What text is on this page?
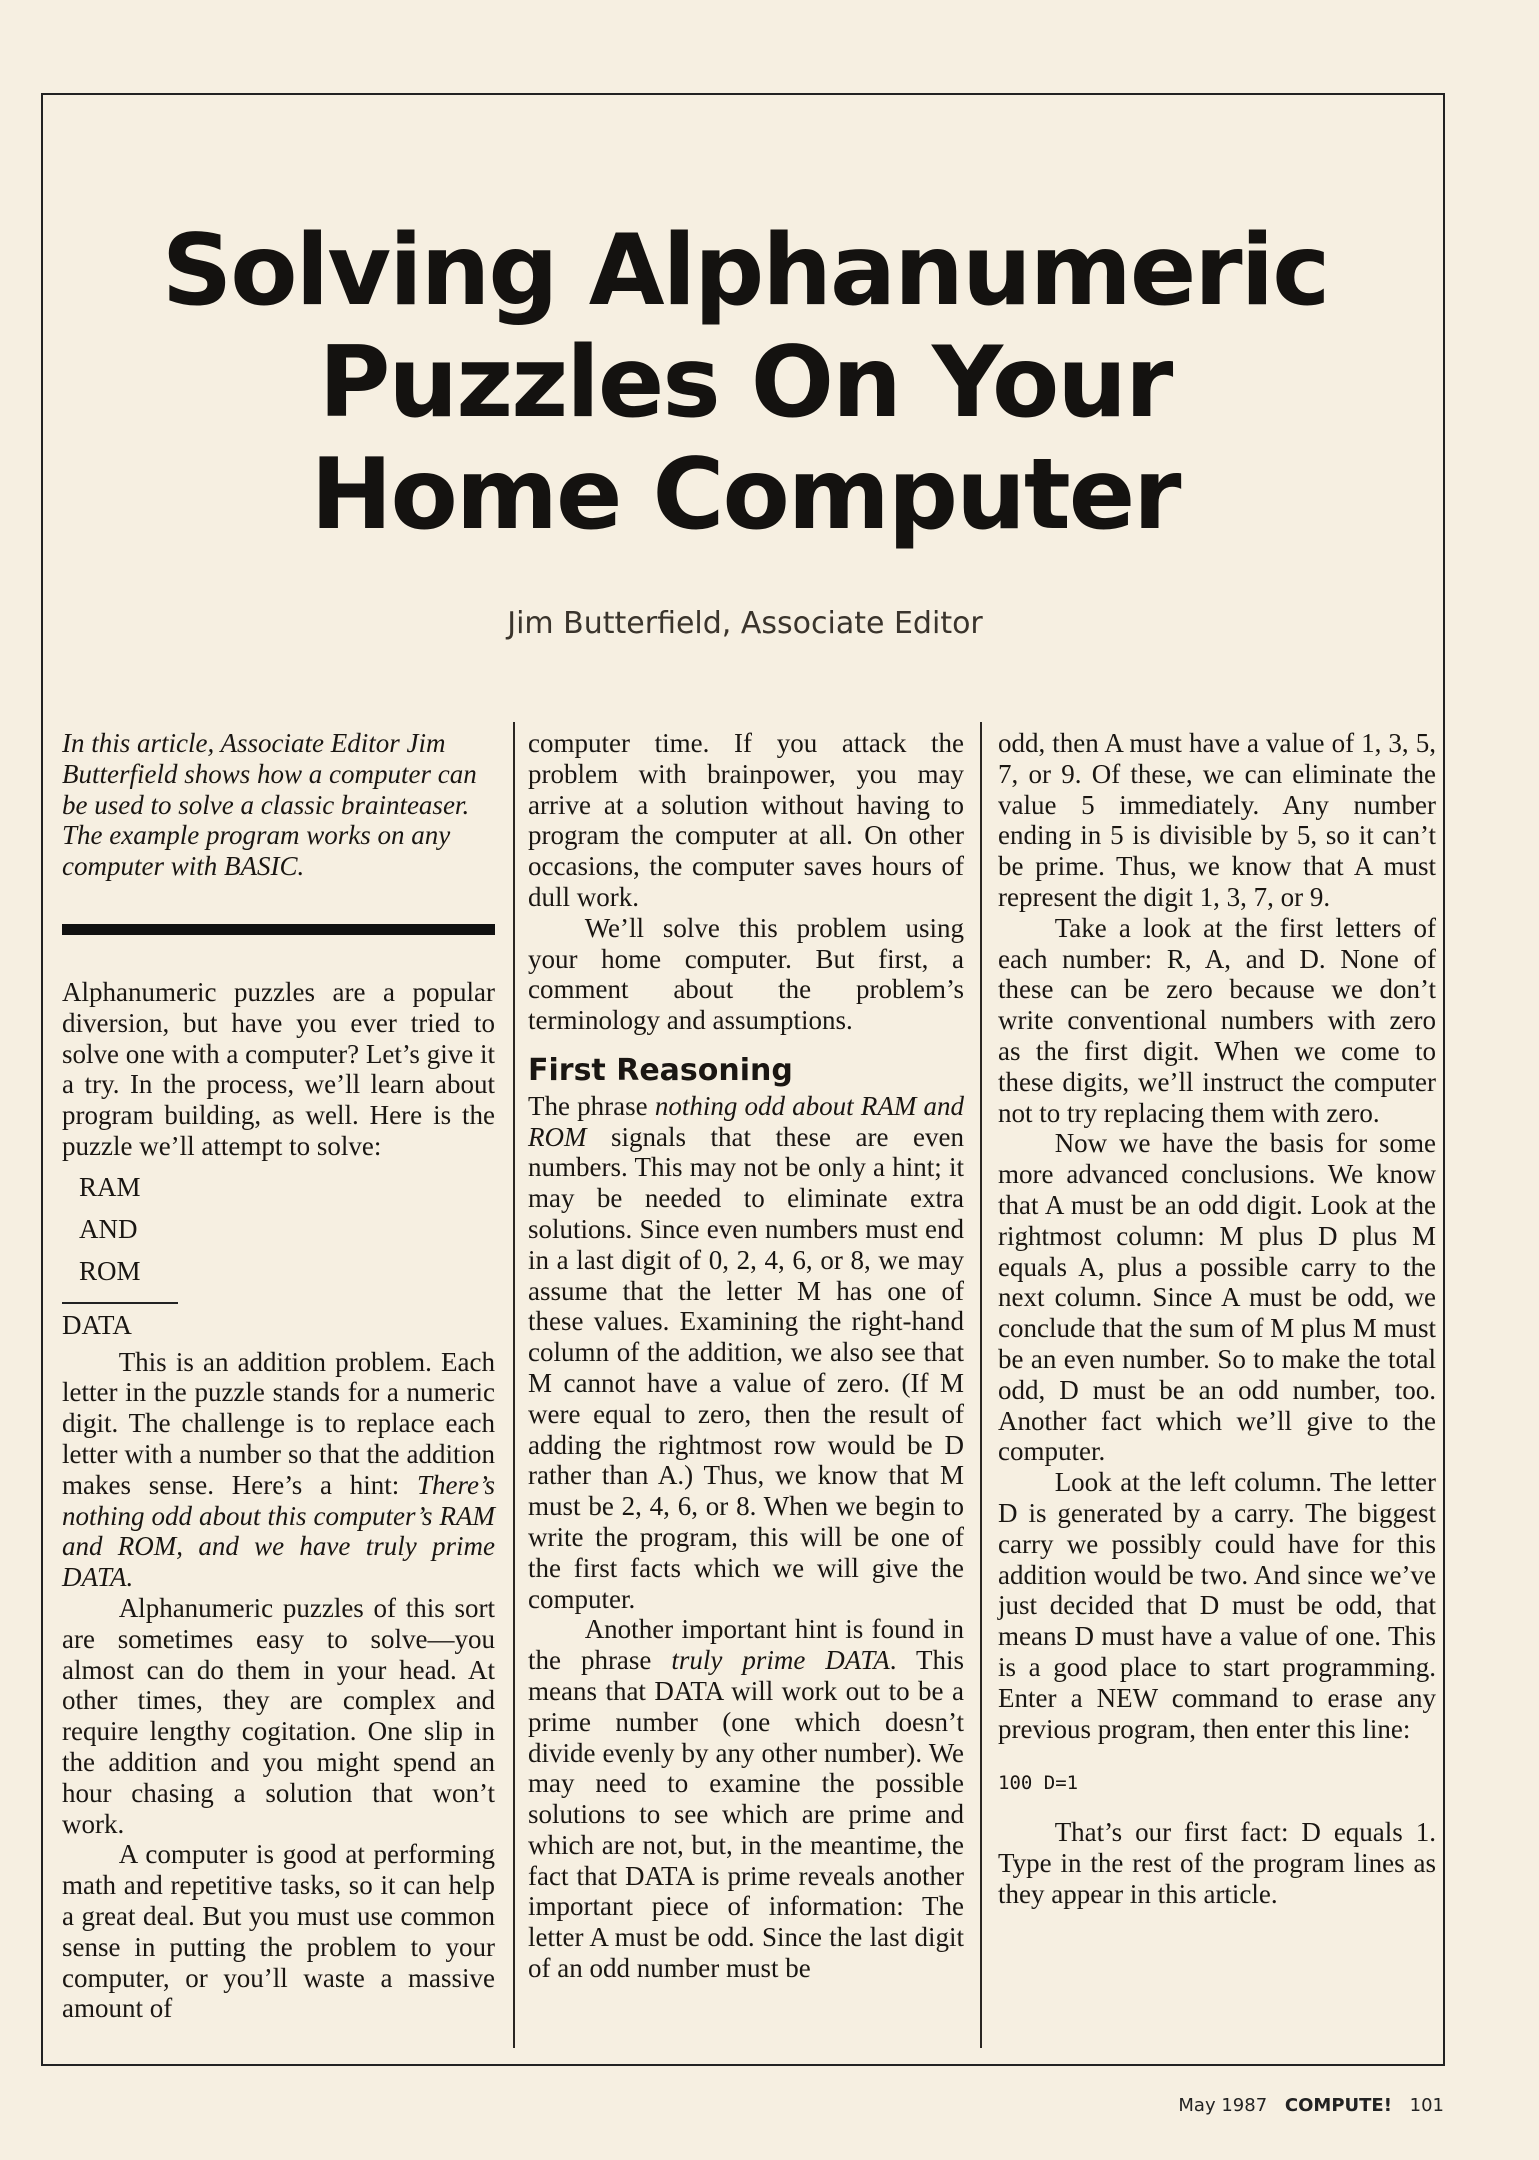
Solving Alphanumeric
Puzzles On Your
Home Computer
Jim Butterfield, Associate Editor

In this article, Associate Editor Jim Butterfield shows how a computer can be used to solve a classic brainteaser. The example program works on any computer with BASIC.

Alphanumeric puzzles are a popular diversion, but have you ever tried to solve one with a computer? Let’s give it a try. In the process, we’ll learn about program building, as well. Here is the puzzle we’ll attempt to solve:

RAM
AND
ROM
DATA

This is an addition problem. Each letter in the puzzle stands for a numeric digit. The challenge is to replace each letter with a number so that the addition makes sense. Here’s a hint: There’s nothing odd about this computer’s RAM and ROM, and we have truly prime DATA.

Alphanumeric puzzles of this sort are sometimes easy to solve—you almost can do them in your head. At other times, they are complex and require lengthy cogitation. One slip in the addition and you might spend an hour chasing a solution that won’t work.

A computer is good at performing math and repetitive tasks, so it can help a great deal. But you must use common sense in putting the problem to your computer, or you’ll waste a massive amount of

computer time. If you attack the problem with brainpower, you may arrive at a solution without having to program the computer at all. On other occasions, the computer saves hours of dull work.

We’ll solve this problem using your home computer. But first, a comment about the problem’s terminology and assumptions.

First Reasoning

The phrase nothing odd about RAM and ROM signals that these are even numbers. This may not be only a hint; it may be needed to eliminate extra solutions. Since even numbers must end in a last digit of 0, 2, 4, 6, or 8, we may assume that the letter M has one of these values. Examining the right-hand column of the addition, we also see that M cannot have a value of zero. (If M were equal to zero, then the result of adding the rightmost row would be D rather than A.) Thus, we know that M must be 2, 4, 6, or 8. When we begin to write the program, this will be one of the first facts which we will give the computer.

Another important hint is found in the phrase truly prime DATA. This means that DATA will work out to be a prime number (one which doesn’t divide evenly by any other number). We may need to examine the possible solutions to see which are prime and which are not, but, in the meantime, the fact that DATA is prime reveals another important piece of information: The letter A must be odd. Since the last digit of an odd number must be

odd, then A must have a value of 1, 3, 5, 7, or 9. Of these, we can eliminate the value 5 immediately. Any number ending in 5 is divisible by 5, so it can’t be prime. Thus, we know that A must represent the digit 1, 3, 7, or 9.

Take a look at the first letters of each number: R, A, and D. None of these can be zero because we don’t write conventional numbers with zero as the first digit. When we come to these digits, we’ll instruct the computer not to try replacing them with zero.

Now we have the basis for some more advanced conclusions. We know that A must be an odd digit. Look at the rightmost column: M plus D plus M equals A, plus a possible carry to the next column. Since A must be odd, we conclude that the sum of M plus M must be an even number. So to make the total odd, D must be an odd number, too. Another fact which we’ll give to the computer.

Look at the left column. The letter D is generated by a carry. The biggest carry we possibly could have for this addition would be two. And since we’ve just decided that D must be odd, that means D must have a value of one. This is a good place to start programming. Enter a NEW command to erase any previous program, then enter this line:

100 D=1

That’s our first fact: D equals 1. Type in the rest of the program lines as they appear in this article.

May 1987 COMPUTE! 101
